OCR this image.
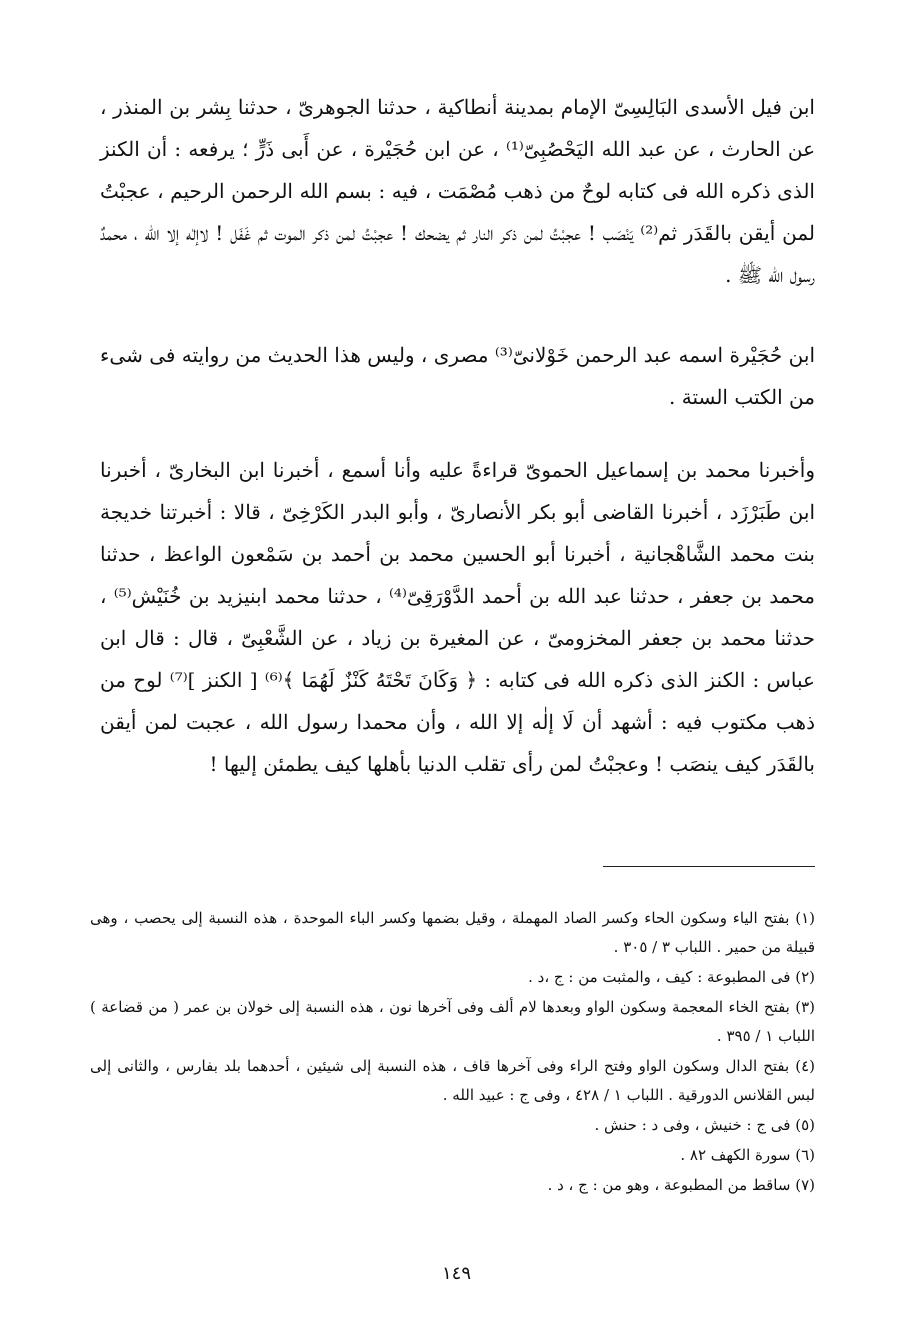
ابن فيل الأسدى البَالِسِىّ الإمام بمدينة أنطاكية ، حدثنا الجوهرىّ ، حدثنا بِشر بن المنذر ، عن الحارث ، عن عبد الله اليَحْصُبِىّ⁽¹⁾ ، عن ابن حُجَيْرة ، عن أَبى ذَرٍّ ؛ يرفعه : أن الكنز الذى ذكره الله فى كتابه لوحٌ من ذهب مُصْمَت ، فيه : بسم الله الرحمن الرحيم ، عجبْتُ لمن أيقن بالقَدَر ثم⁽²⁾ يَنْصَب ! عجبْتُ لمن ذكر النار ثم يضحك ! عجبْتُ لمن ذكر الموت ثم غَفَل ! لاإلٰه إلا الله ، محمدٌ رسول الله ﷺ .

ابن حُجَيْرة اسمه عبد الرحمن خَوْلانىّ⁽³⁾ مصرى ، وليس هذا الحديث من روايته فى شىء من الكتب الستة .

وأخبرنا محمد بن إسماعيل الحموىّ قراءةً عليه وأنا أسمع ، أخبرنا ابن البخارىّ ، أخبرنا ابن طَبَرْزَد ، أخبرنا القاضى أبو بكر الأنصارىّ ، وأبو البدر الكَرْخِىّ ، قالا : أخبرتنا خديجة بنت محمد الشَّاهْجانية ، أخبرنا أبو الحسين محمد بن أحمد بن سَمْعون الواعظ ، حدثنا محمد بن جعفر ، حدثنا عبد الله بن أحمد الدَّوْرَقِىّ⁽⁴⁾ ، حدثنا محمد ابنيزيد بن خُنَيْش⁽⁵⁾ ، حدثنا محمد بن جعفر المخزومىّ ، عن المغيرة بن زياد ، عن الشَّعْبِىّ ، قال : قال ابن عباس : الكنز الذى ذكره الله فى كتابه : ﴿ وَكَانَ تَحْتَهُ كَنْزٌ لَهُمَا ﴾⁽⁶⁾ [ الكنز ]⁽⁷⁾ لوح من ذهب مكتوب فيه : أشهد أن لَا إلٰه إلا الله ، وأن محمدا رسول الله ، عجبت لمن أيقن بالقَدَر كيف ينصَب ! وعجبْتُ لمن رأى تقلب الدنيا بأهلها كيف يطمئن إليها !

(١) بفتح الياء وسكون الحاء وكسر الصاد المهملة ، وقيل بضمها وكسر الباء الموحدة ، هذه النسبة إلى يحصب ، وهى قبيلة من حمير . اللباب ٣ / ٣٠٥ .

(٢) فى المطبوعة : كيف ، والمثبت من : ج ،د .

(٣) بفتح الخاء المعجمة وسكون الواو وبعدها لام ألف وفى آخرها نون ، هذه النسبة إلى خولان بن عمر ( من قضاعة ) اللباب ١ / ٣٩٥ .

(٤) بفتح الدال وسكون الواو وفتح الراء وفى آخرها قاف ، هذه النسبة إلى شيئين ، أحدهما بلد بفارس ، والثانى إلى لبس القلانس الدورقية . اللباب ١ / ٤٢٨ ، وفى ج : عبيد الله .

(٥) فى ج : خنيش ، وفى د : حنش .

(٦) سورة الكهف ٨٢ .

(٧) ساقط من المطبوعة ، وهو من : ج ، د .

١٤٩
